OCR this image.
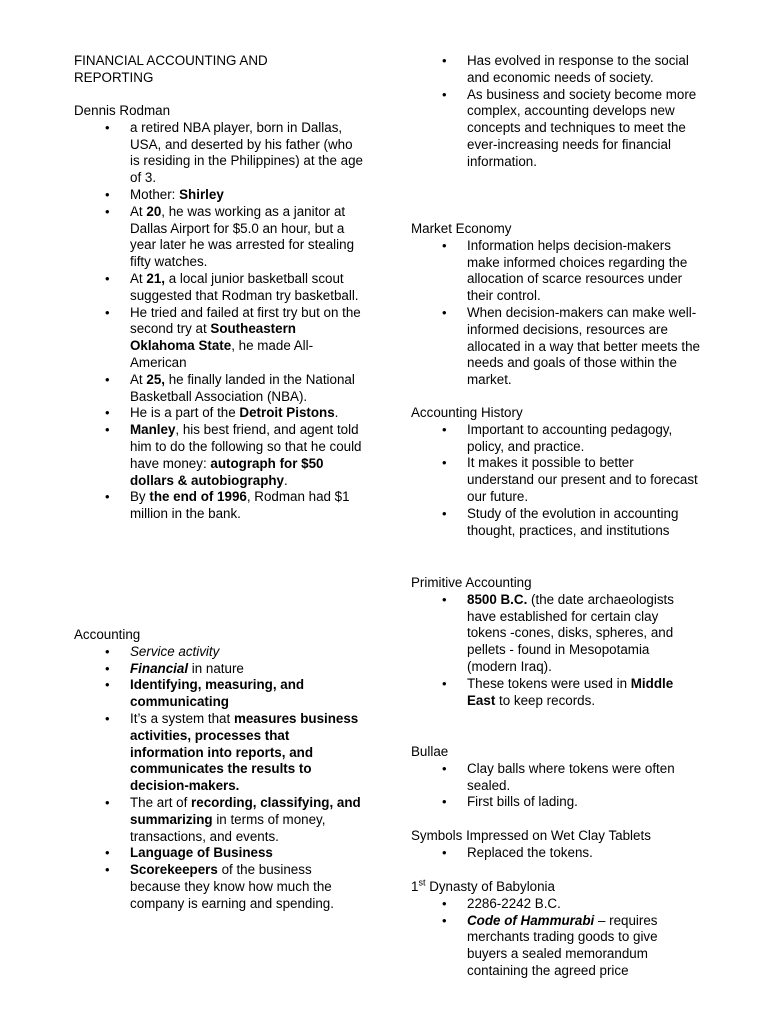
FINANCIAL ACCOUNTING AND REPORTING

Dennis Rodman

• a retired NBA player, born in Dallas, USA, and deserted by his father (who is residing in the Philippines) at the age of 3.
• Mother: Shirley
• At 20, he was working as a janitor at Dallas Airport for $5.0 an hour, but a year later he was arrested for stealing fifty watches.
• At 21, a local junior basketball scout suggested that Rodman try basketball.
• He tried and failed at first try but on the second try at Southeastern Oklahoma State, he made All-American
• At 25, he finally landed in the National Basketball Association (NBA).
• He is a part of the Detroit Pistons.
• Manley, his best friend, and agent told him to do the following so that he could have money: autograph for $50 dollars & autobiography.
• By the end of 1996, Rodman had $1 million in the bank.

Accounting

• Service activity
• Financial in nature
• Identifying, measuring, and communicating
• It’s a system that measures business activities, processes that information into reports, and communicates the results to decision-makers.
• The art of recording, classifying, and summarizing in terms of money, transactions, and events.
• Language of Business
• Scorekeepers of the business because they know how much the company is earning and spending.
• Has evolved in response to the social and economic needs of society.
• As business and society become more complex, accounting develops new concepts and techniques to meet the ever-increasing needs for financial information.

Market Economy

• Information helps decision-makers make informed choices regarding the allocation of scarce resources under their control.
• When decision-makers can make well-informed decisions, resources are allocated in a way that better meets the needs and goals of those within the market.

Accounting History

• Important to accounting pedagogy, policy, and practice.
• It makes it possible to better understand our present and to forecast our future.
• Study of the evolution in accounting thought, practices, and institutions

Primitive Accounting

• 8500 B.C. (the date archaeologists have established for certain clay tokens -cones, disks, spheres, and pellets - found in Mesopotamia (modern Iraq).
• These tokens were used in Middle East to keep records.

Bullae

• Clay balls where tokens were often sealed.
• First bills of lading.

Symbols Impressed on Wet Clay Tablets

• Replaced the tokens.

1st Dynasty of Babylonia

• 2286-2242 B.C.
• Code of Hammurabi – requires merchants trading goods to give buyers a sealed memorandum containing the agreed price
